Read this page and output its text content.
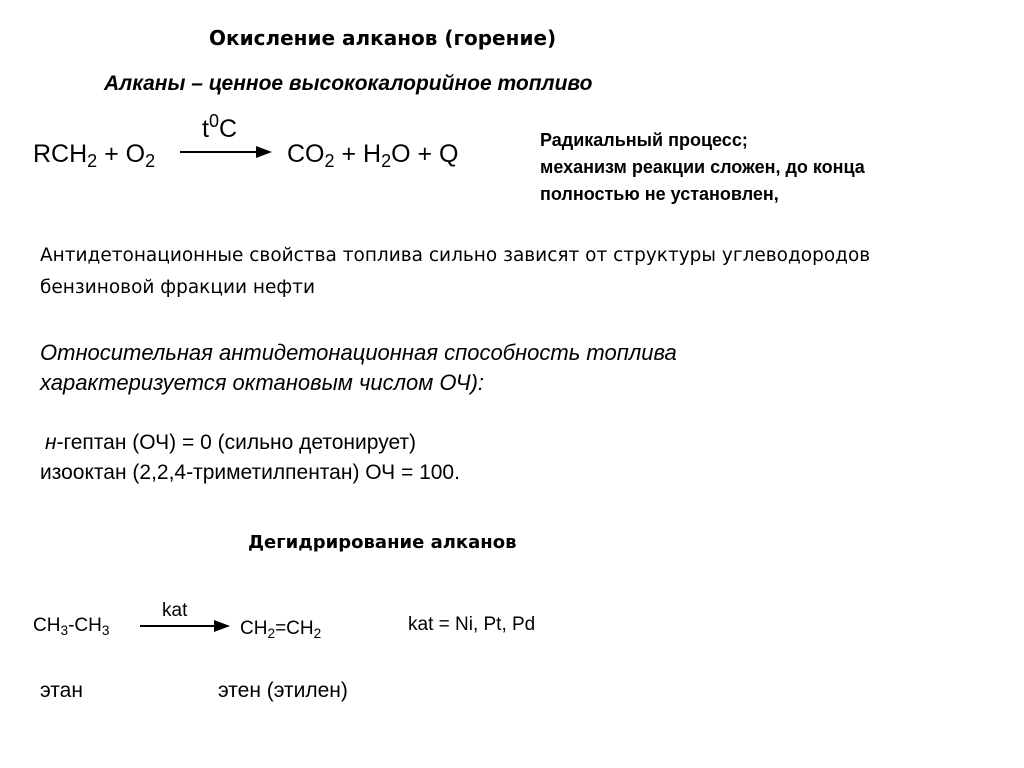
Окисление алканов (горение)
Алканы – ценное высококалорийное топливо
$RCH_2 + O_2$
$t^0C$
$CO_2 + H_2O + Q$	Радикальный процесс;
механизм реакции сложен, до конца
полностью не установлен,
Антидетонационные свойства топлива сильно зависят от структуры углеводородов
бензиновой фракции нефти
Относительная антидетонационная способность топлива
характеризуется октановым числом ОЧ):
н-гептан (ОЧ) = 0 (сильно детонирует)
изооктан (2,2,4-триметилпентан) ОЧ = 100.
Дегидрирование алканов
$CH_3-CH_3$
kat
$CH_2=CH_2$	kat = Ni, Pt, Pd
этан	этен (этилен)
